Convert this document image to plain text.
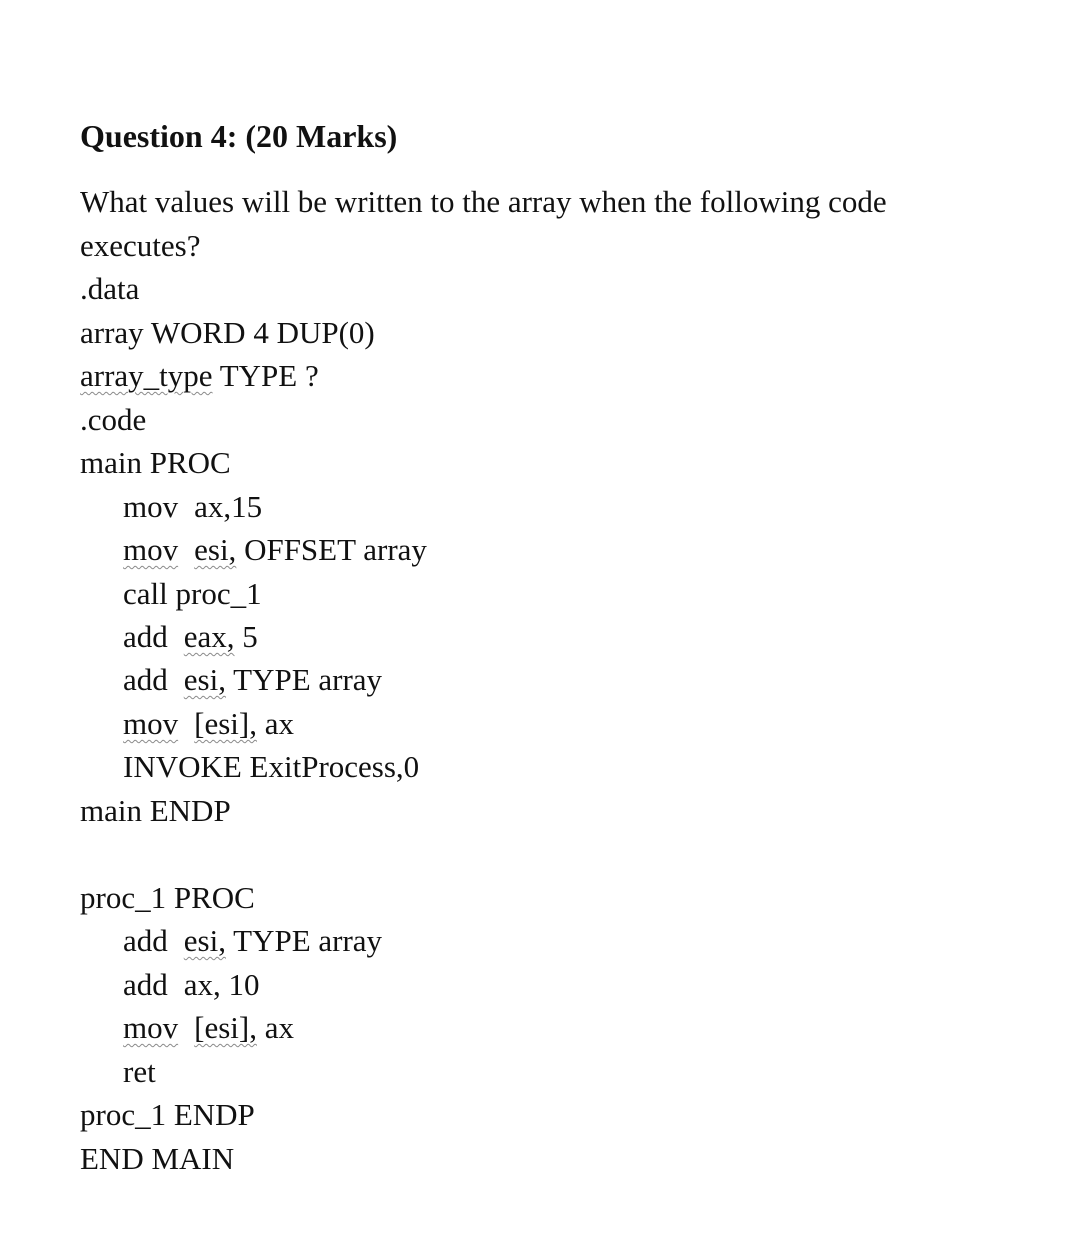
Question 4: (20 Marks)
What values will be written to the array when the following code
executes?
.data
array WORD 4 DUP(0)
array_type TYPE ?
.code
main PROC
mov ax,15
mov esi, OFFSET array
call proc_1
add eax, 5
add esi, TYPE array
mov [esi], ax
INVOKE ExitProcess,0
main ENDP
proc_1 PROC
add esi, TYPE array
add ax, 10
mov [esi], ax
ret
proc_1 ENDP
END MAIN
